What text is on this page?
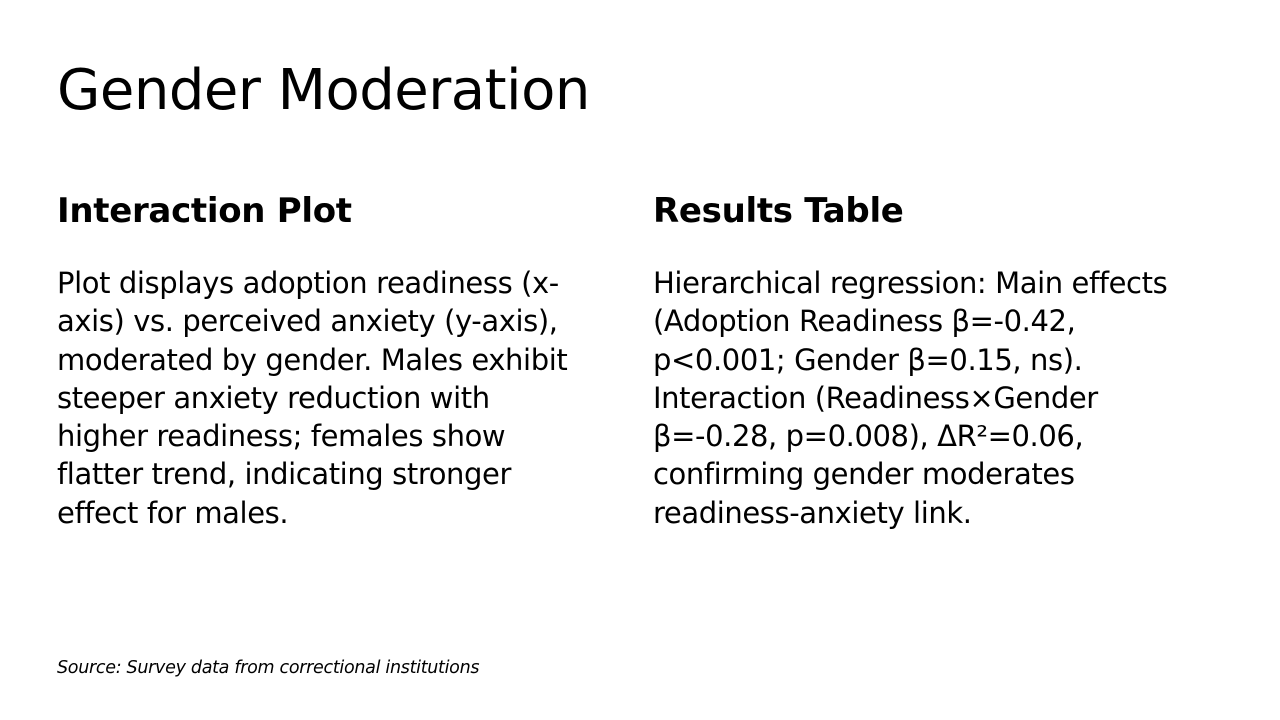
Gender Moderation
Interaction Plot

Plot displays adoption readiness (x-axis) vs. perceived anxiety (y-axis), moderated by gender. Males exhibit steeper anxiety reduction with higher readiness; females show flatter trend, indicating stronger effect for males.

Results Table

Hierarchical regression: Main effects (Adoption Readiness β=-0.42, p<0.001; Gender β=0.15, ns). Interaction (Readiness×Gender β=-0.28, p=0.008), ΔR²=0.06, confirming gender moderates readiness-anxiety link.

Source: Survey data from correctional institutions
